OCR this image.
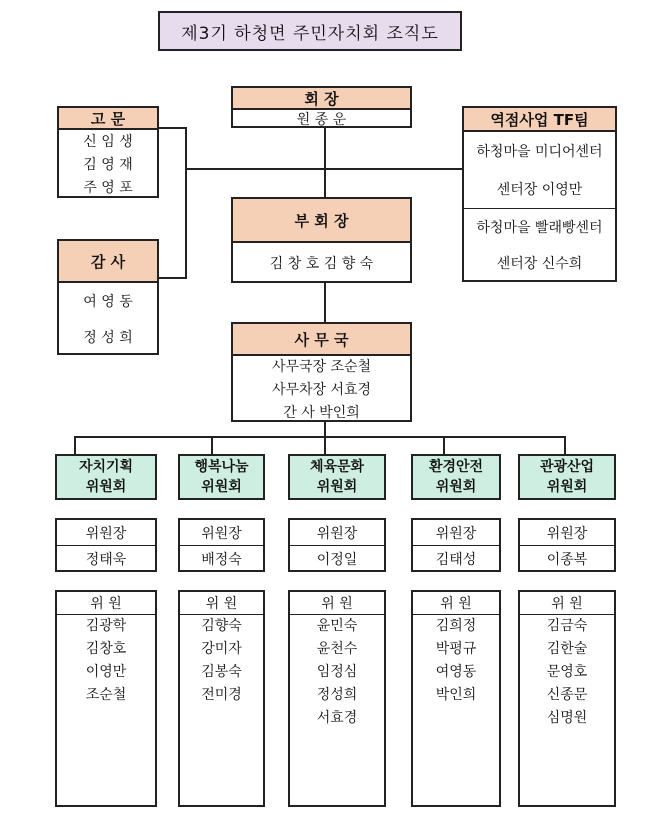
제3기 하청면 주민자치회 조직도
회 장
원 종 운
고 문
신 임 생
김 영 재
주 영 포
감 사
여 영 동
정 성 희
역점사업 TF팀
하청마을 미디어센터
센터장 이영만
하청마을 빨래빵센터
센터장 신수희
부 회 장
김 창 호 김 향 숙
사 무 국
사무국장 조순철
사무차장 서효경
간 사 박인희
자치기획
위원회
위원장
정태욱
위 원
김광학
김창호
이영만
조순철
행복나눔
위원회
위원장
배정숙
위 원
김향숙
강미자
김봉숙
전미경
체육문화
위원회
위원장
이정일
위 원
윤민숙
윤천수
임정심
정성희
서효경
환경안전
위원회
위원장
김태성
위 원
김희정
박평규
여영동
박인희
관광산업
위원회
위원장
이종복
위 원
김금숙
김한술
문영호
신종문
심명원
